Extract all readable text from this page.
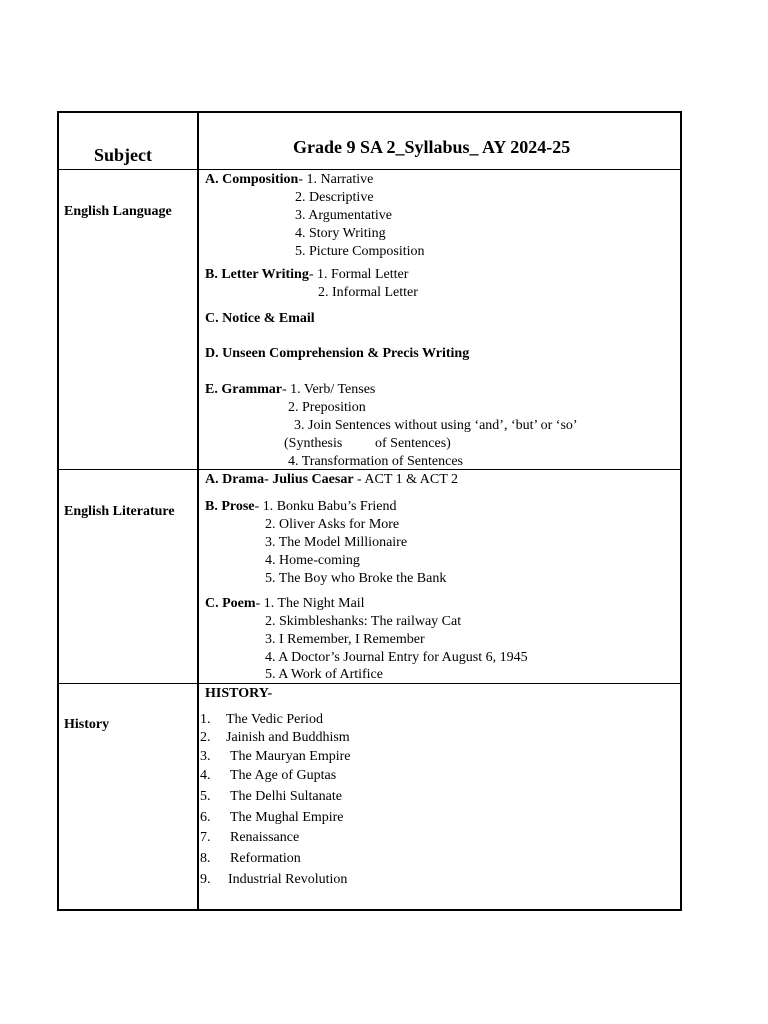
Subject	Grade 9 SA 2_Syllabus_ AY 2024-25
English Language
A. Composition- 1. Narrative
2. Descriptive
3. Argumentative
4. Story Writing
5. Picture Composition
B. Letter Writing- 1. Formal Letter
2. Informal Letter
C. Notice & Email
D. Unseen Comprehension & Precis Writing
E. Grammar- 1. Verb/ Tenses
2. Preposition
3. Join Sentences without using ‘and’, ‘but’ or ‘so’
(Synthesis of Sentences)
4. Transformation of Sentences
English Literature
A. Drama- Julius Caesar - ACT 1 & ACT 2
B. Prose- 1. Bonku Babu’s Friend
2. Oliver Asks for More
3. The Model Millionaire
4. Home-coming
5. The Boy who Broke the Bank
C. Poem- 1. The Night Mail
2. Skimbleshanks: The railway Cat
3. I Remember, I Remember
4. A Doctor’s Journal Entry for August 6, 1945
5. A Work of Artifice
History
HISTORY-
1. The Vedic Period
2. Jainish and Buddhism
3. The Mauryan Empire
4. The Age of Guptas
5. The Delhi Sultanate
6. The Mughal Empire
7. Renaissance
8. Reformation
9. Industrial Revolution
